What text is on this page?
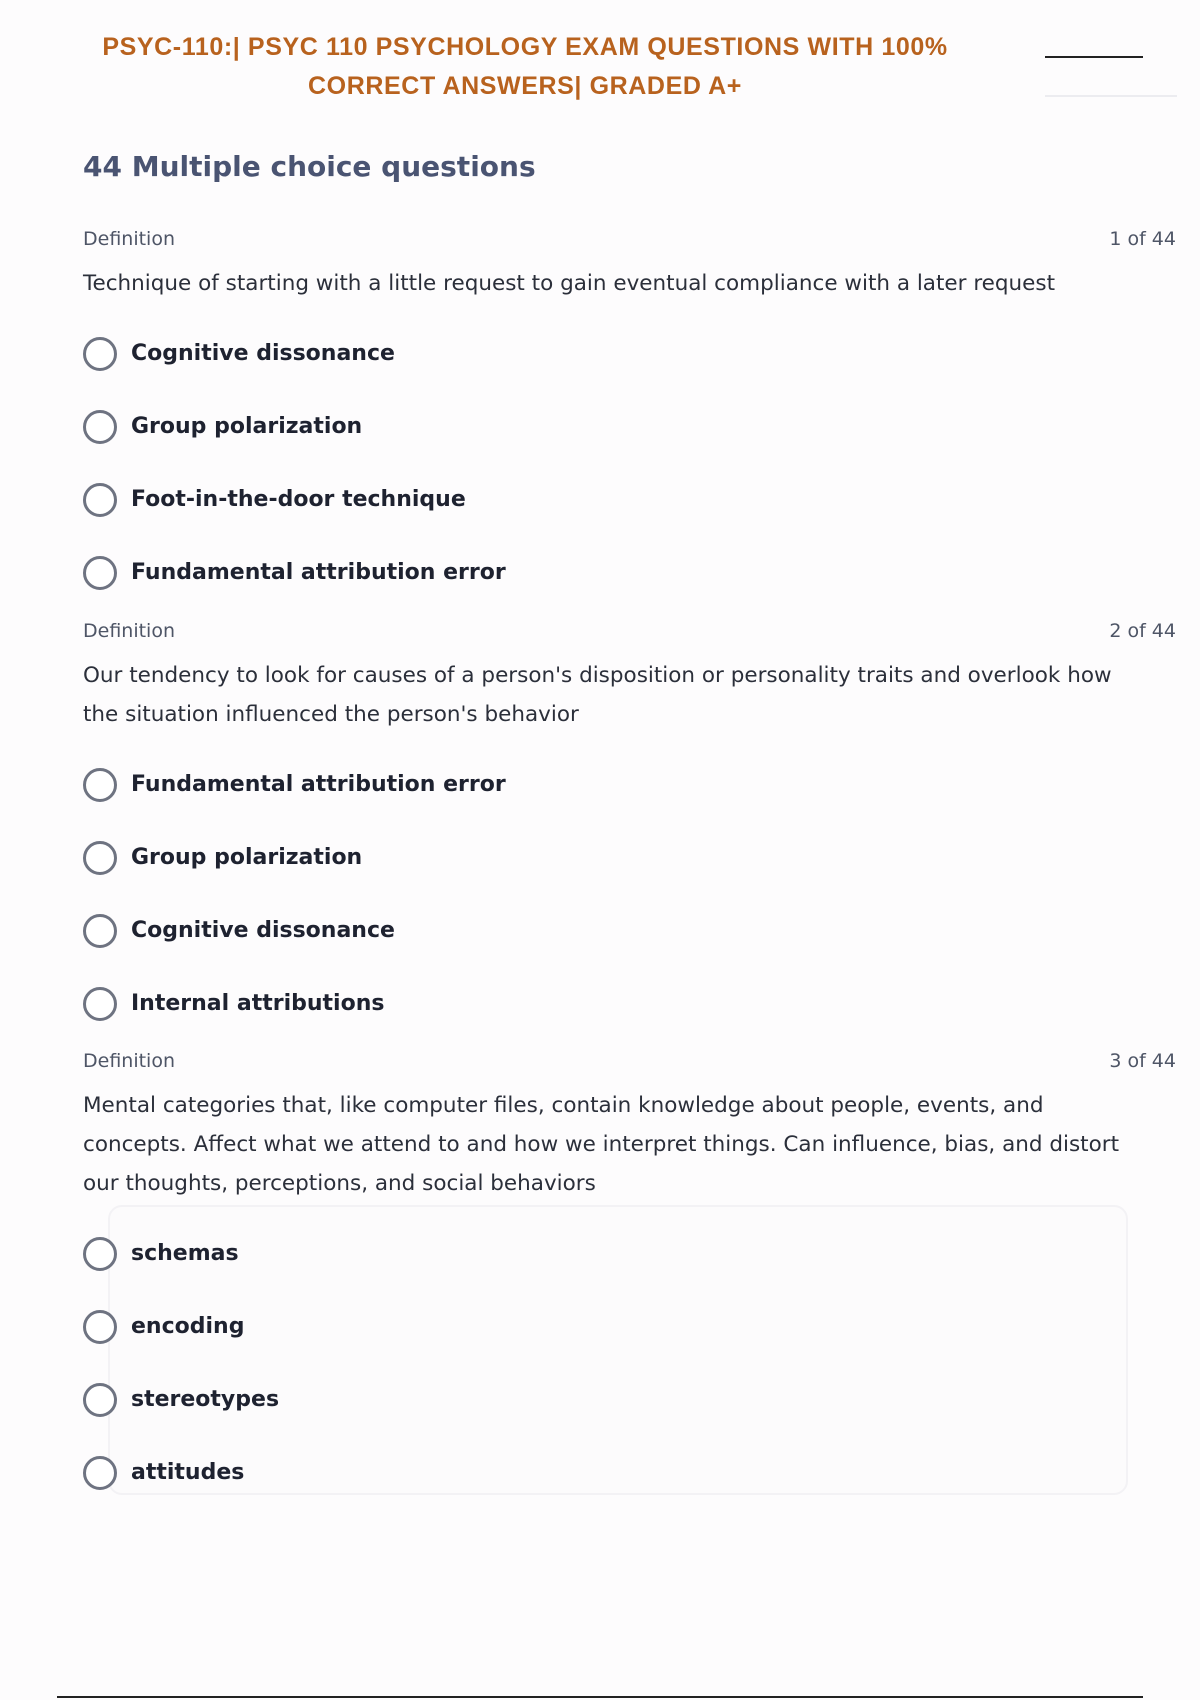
PSYC-110:| PSYC 110 PSYCHOLOGY EXAM QUESTIONS WITH 100%
CORRECT ANSWERS| GRADED A+
44 Multiple choice questions
Definition	1 of 44
Technique of starting with a little request to gain eventual compliance with a later request
Cognitive dissonance
Group polarization
Foot-in-the-door technique
Fundamental attribution error
Definition	2 of 44
Our tendency to look for causes of a person's disposition or personality traits and overlook how the situation influenced the person's behavior
Fundamental attribution error
Group polarization
Cognitive dissonance
Internal attributions
Definition	3 of 44
Mental categories that, like computer files, contain knowledge about people, events, and concepts. Affect what we attend to and how we interpret things. Can influence, bias, and distort our thoughts, perceptions, and social behaviors
schemas
encoding
stereotypes
attitudes
